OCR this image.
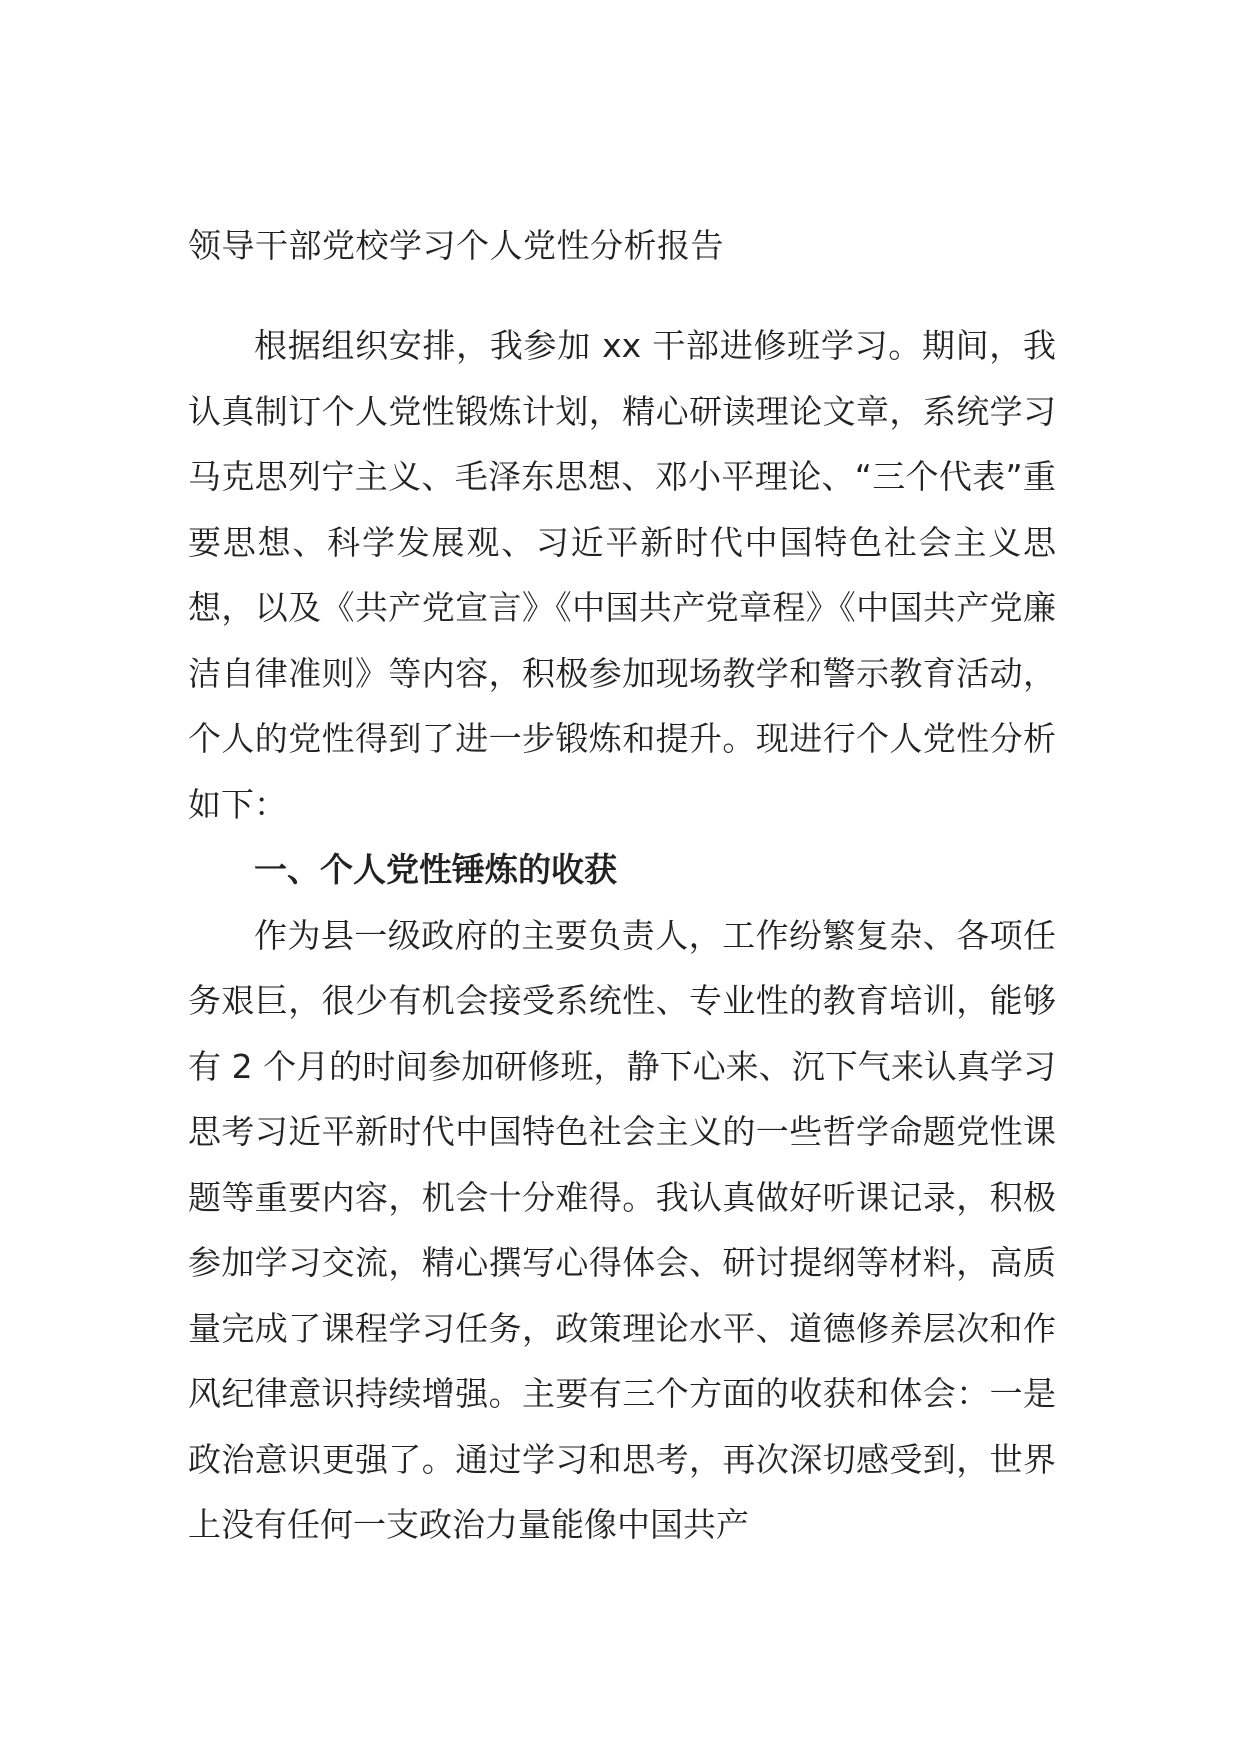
领导干部党校学习个人党性分析报告

根据组织安排，我参加 xx 干部进修班学习。期间，我认真制订个人党性锻炼计划，精心研读理论文章，系统学习马克思列宁主义、毛泽东思想、邓小平理论、“三个代表”重要思想、科学发展观、习近平新时代中国特色社会主义思想，以及《共产党宣言》《中国共产党章程》《中国共产党廉洁自律准则》等内容，积极参加现场教学和警示教育活动，个人的党性得到了进一步锻炼和提升。现进行个人党性分析如下：

一、个人党性锤炼的收获

作为县一级政府的主要负责人，工作纷繁复杂、各项任务艰巨，很少有机会接受系统性、专业性的教育培训，能够有 2 个月的时间参加研修班，静下心来、沉下气来认真学习思考习近平新时代中国特色社会主义的一些哲学命题党性课题等重要内容，机会十分难得。我认真做好听课记录，积极参加学习交流，精心撰写心得体会、研讨提纲等材料，高质量完成了课程学习任务，政策理论水平、道德修养层次和作风纪律意识持续增强。主要有三个方面的收获和体会：一是政治意识更强了。通过学习和思考，再次深切感受到，世界上没有任何一支政治力量能像中国共产
